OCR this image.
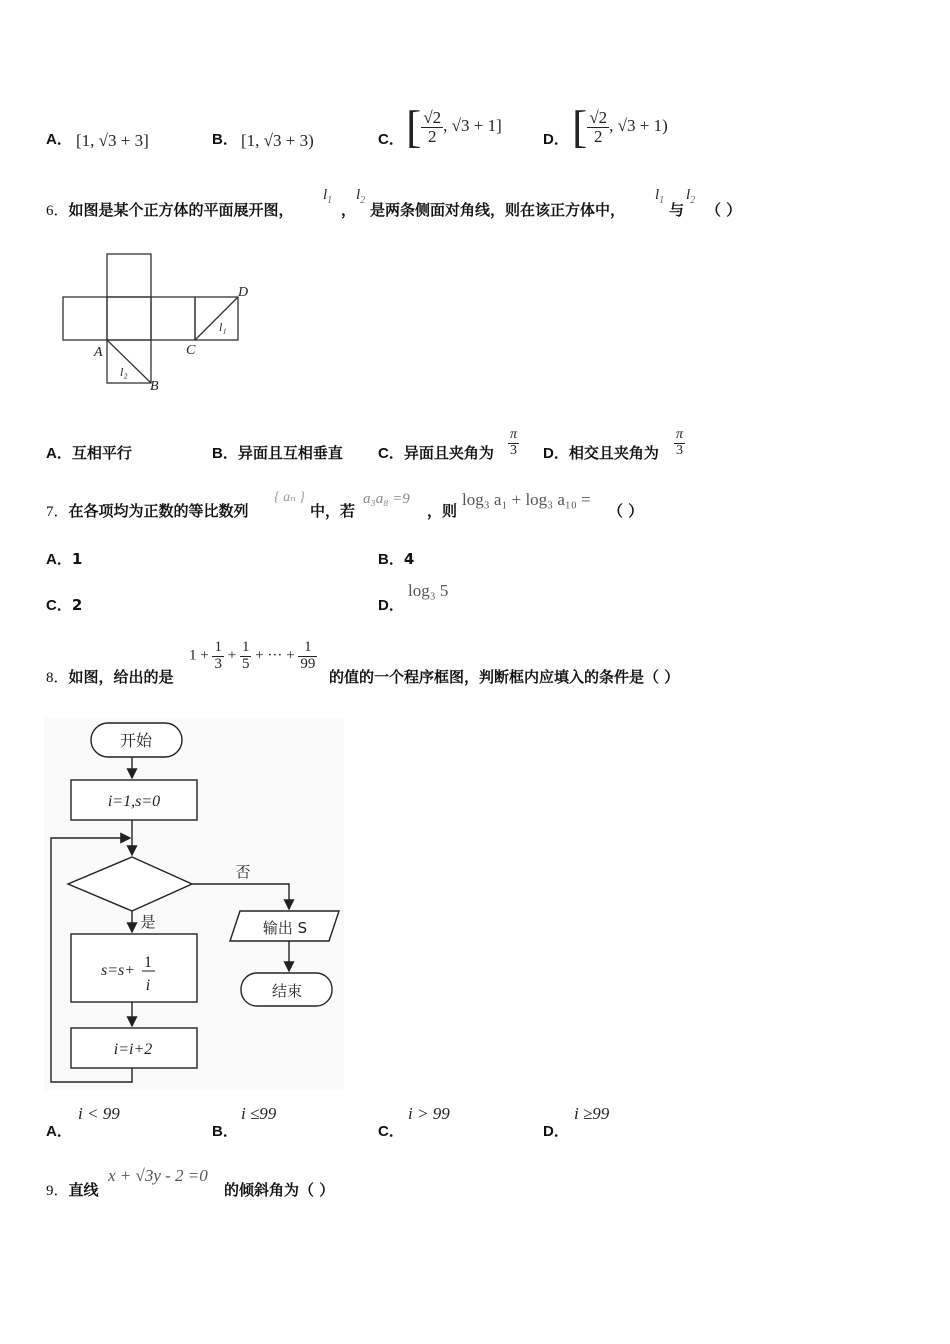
A． [1, √3 + 3]	B． [1, √3 + 3)	C． [ $\frac{√2}{2}$ , √3 + 1]
D． [ $\frac{√2}{2}$ , √3 + 1)
6．如图是某个正方体的平面展开图，
$l_1$
，
$l_2$
是两条侧面对角线，则在该正方体中，
$l_1$
与
$l_2$
（ ）
D
C
A
B
l₁
l₂
A．互相平行	B．异面且互相垂直 C．异面且夹角为 $\frac{\pi}{3}$ D．相交且夹角为 $\frac{\pi}{3}$
7．在各项均为正数的等比数列
{ aₙ }
中，若
a₃a₈ =9
，则
log₃ a₁ + log₃ a₁₀ =
（ ）
A．1	B．4
C．2	D．
log₃ 5
8．如图，给出的是
$1 + \frac{1}{3} + \frac{1}{5}$ + ··· + $\frac{1}{99}$
的值的一个程序框图，判断框内应填入的条件是（ ）
开始
i=1,s=0
否
是	输出 S
结束
s=s+ 1
i
i=i+2
A．
i < 99
B．
i ≤99
C．
i > 99
D．
i ≥99
9．直线
x + √3y - 2 =0
的倾斜角为（ ）
